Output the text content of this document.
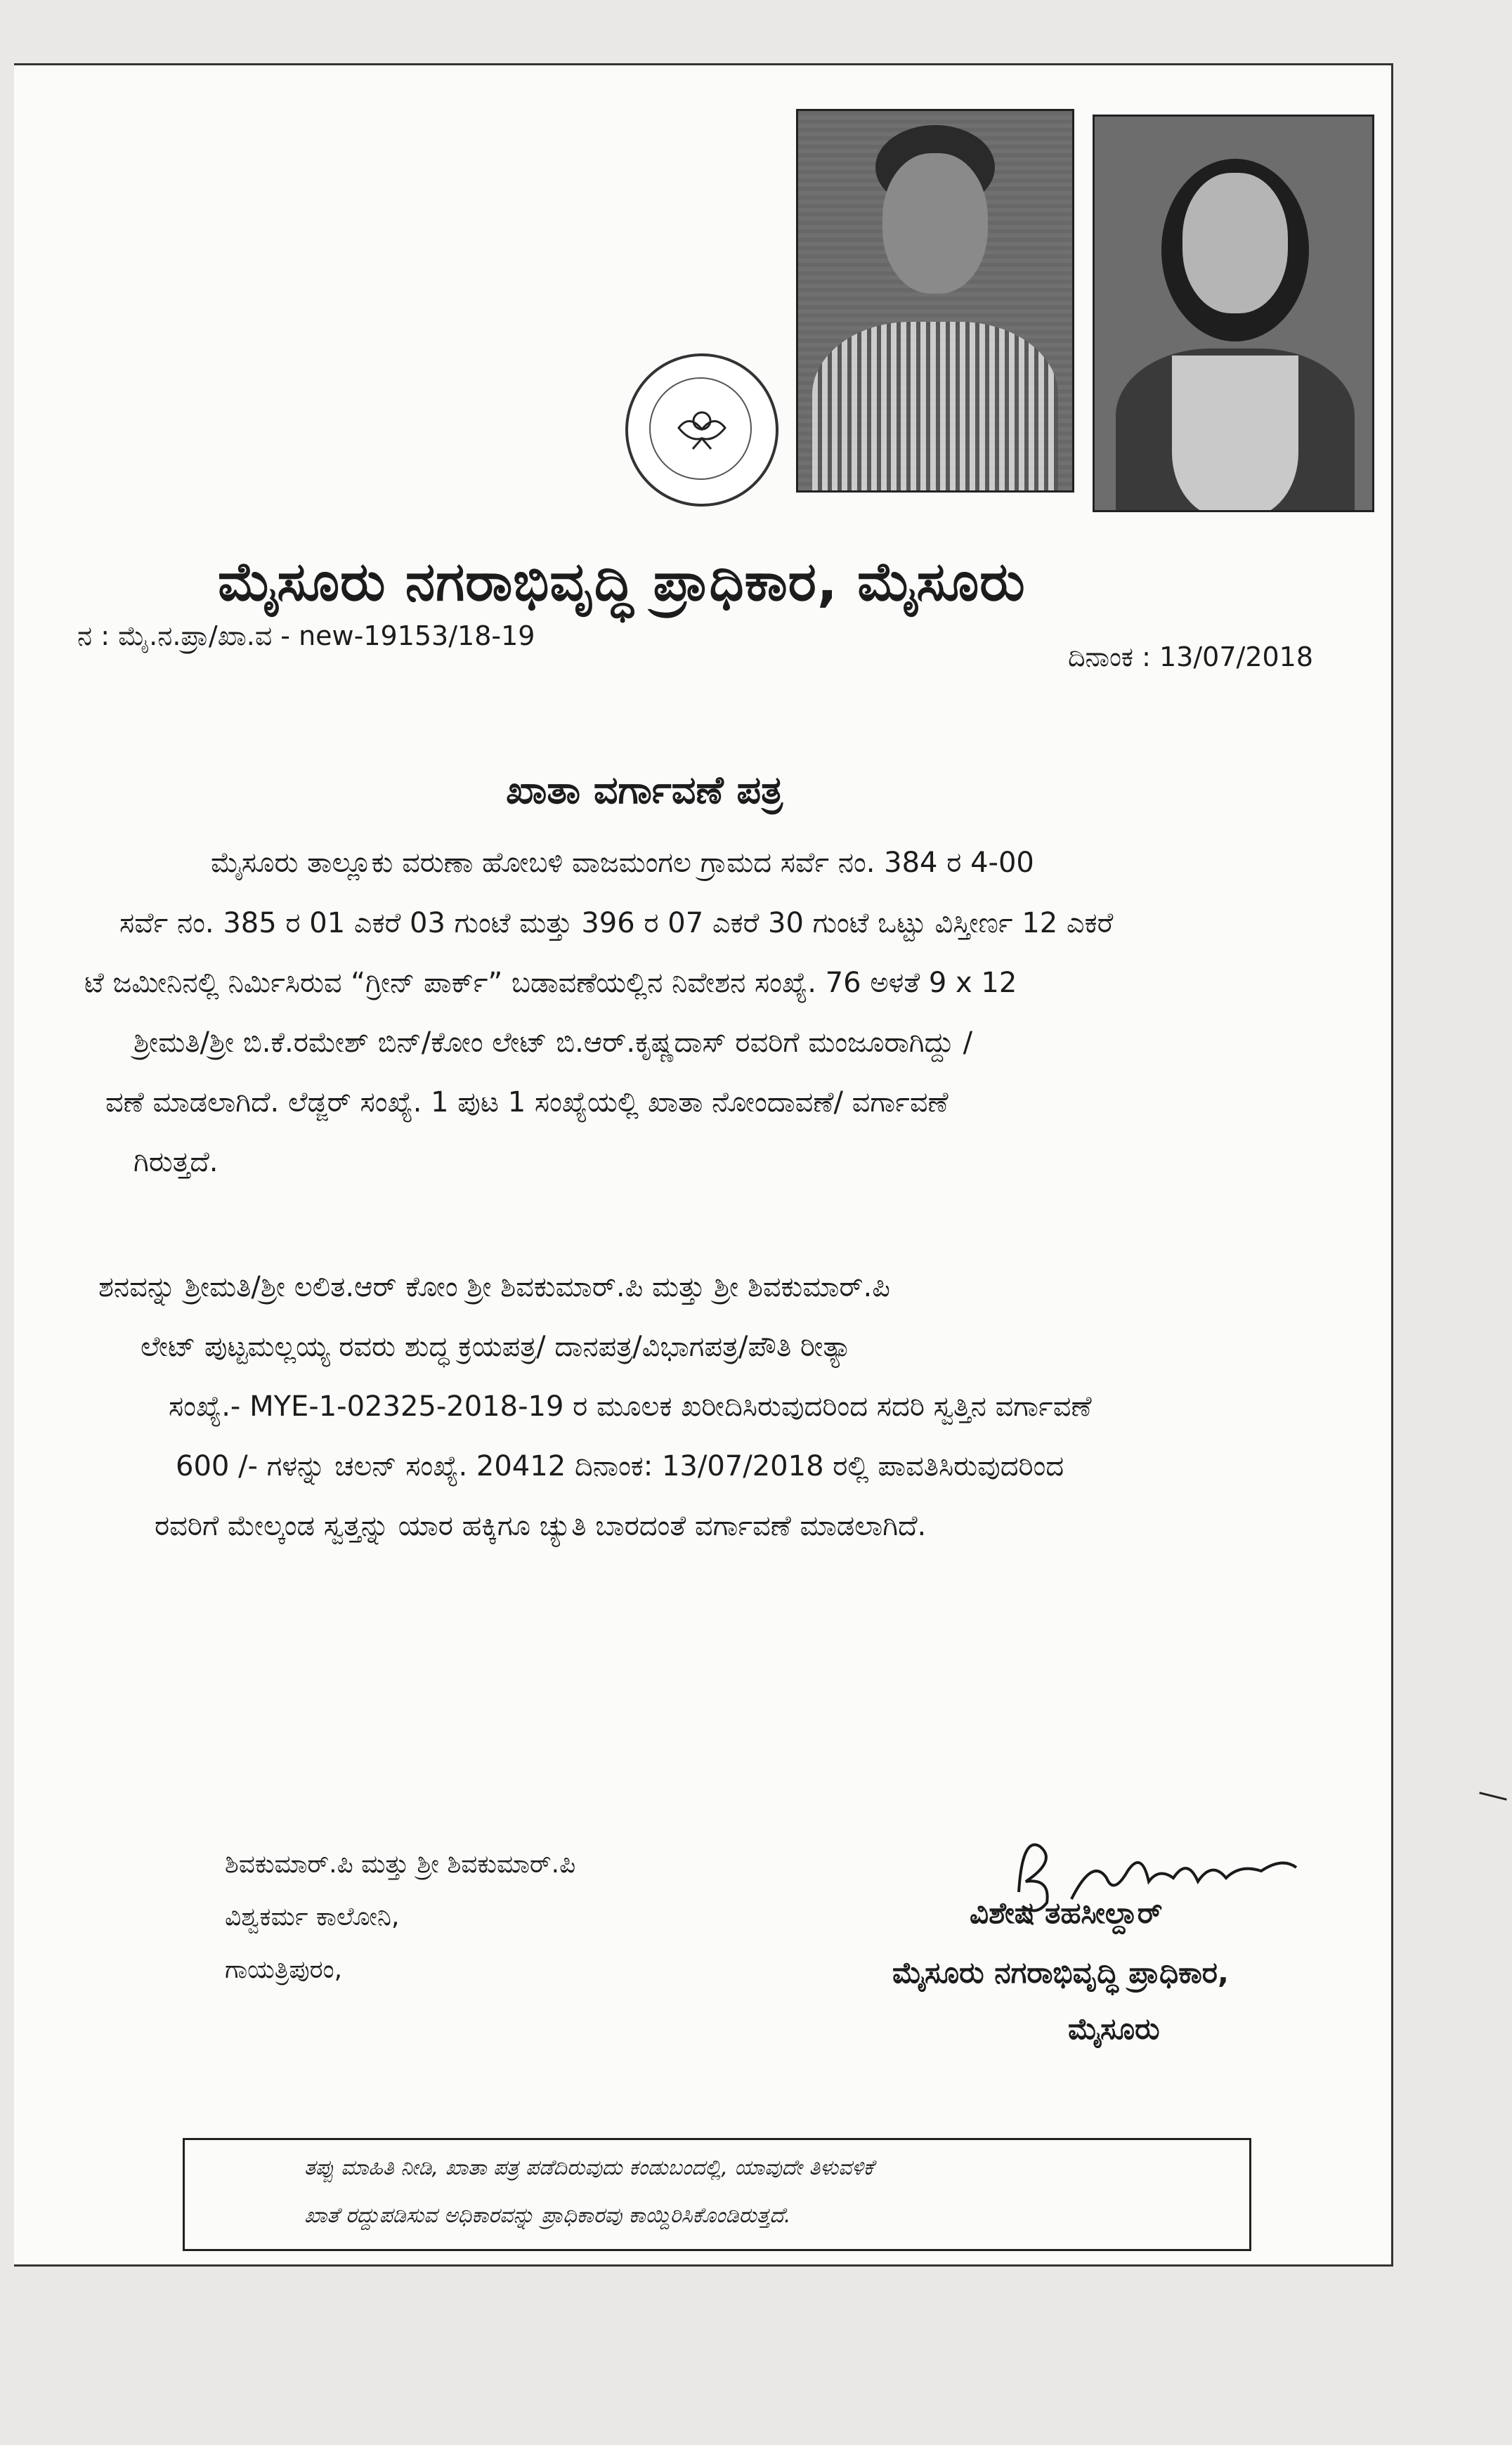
ಮೈಸೂರು ನಗರಾಭಿವೃದ್ಧಿ ಪ್ರಾಧಿಕಾರ, ಮೈಸೂರು
ನ : ಮೈ.ನ.ಪ್ರಾ/ಖಾ.ವ - new-19153/18-19
ದಿನಾಂಕ : 13/07/2018
ಖಾತಾ ವರ್ಗಾವಣೆ ಪತ್ರ
ಮೈಸೂರು ತಾಲ್ಲೂಕು ವರುಣಾ ಹೋಬಳಿ ವಾಜಮಂಗಲ ಗ್ರಾಮದ ಸರ್ವೆ ನಂ. 384 ರ 4-00
ಸರ್ವೆ ನಂ. 385 ರ 01 ಎಕರೆ 03 ಗುಂಟೆ ಮತ್ತು 396 ರ 07 ಎಕರೆ 30 ಗುಂಟೆ ಒಟ್ಟು ವಿಸ್ತೀರ್ಣ 12 ಎಕರೆ
ಟೆ ಜಮೀನಿನಲ್ಲಿ ನಿರ್ಮಿಸಿರುವ “ಗ್ರೀನ್ ಪಾರ್ಕ್” ಬಡಾವಣೆಯಲ್ಲಿನ ನಿವೇಶನ ಸಂಖ್ಯೆ. 76 ಅಳತೆ 9 x 12
ಶ್ರೀಮತಿ/ಶ್ರೀ ಬಿ.ಕೆ.ರಮೇಶ್ ಬಿನ್/ಕೋಂ ಲೇಟ್ ಬಿ.ಆರ್.ಕೃಷ್ಣದಾಸ್ ರವರಿಗೆ ಮಂಜೂರಾಗಿದ್ದು /
ವಣೆ ಮಾಡಲಾಗಿದೆ. ಲೆಡ್ಜರ್ ಸಂಖ್ಯೆ. 1 ಪುಟ 1 ಸಂಖ್ಯೆಯಲ್ಲಿ ಖಾತಾ ನೋಂದಾವಣೆ/ ವರ್ಗಾವಣೆ
ಗಿರುತ್ತದೆ.
ಶನವನ್ನು ಶ್ರೀಮತಿ/ಶ್ರೀ ಲಲಿತ.ಆರ್ ಕೋಂ ಶ್ರೀ ಶಿವಕುಮಾರ್.ಪಿ ಮತ್ತು ಶ್ರೀ ಶಿವಕುಮಾರ್.ಪಿ
ಲೇಟ್ ಪುಟ್ಟಮಲ್ಲಯ್ಯ ರವರು ಶುದ್ಧ ಕ್ರಯಪತ್ರ/ ದಾನಪತ್ರ/ವಿಭಾಗಪತ್ರ/ಪೌತಿ ರೀತ್ಯಾ
ಸಂಖ್ಯೆ.- MYE-1-02325-2018-19 ರ ಮೂಲಕ ಖರೀದಿಸಿರುವುದರಿಂದ ಸದರಿ ಸ್ವತ್ತಿನ ವರ್ಗಾವಣೆ
600 /- ಗಳನ್ನು ಚಲನ್ ಸಂಖ್ಯೆ. 20412 ದಿನಾಂಕ: 13/07/2018 ರಲ್ಲಿ ಪಾವತಿಸಿರುವುದರಿಂದ
ರವರಿಗೆ ಮೇಲ್ಕಂಡ ಸ್ವತ್ತನ್ನು ಯಾರ ಹಕ್ಕಿಗೂ ಚ್ಯುತಿ ಬಾರದಂತೆ ವರ್ಗಾವಣೆ ಮಾಡಲಾಗಿದೆ.
ಶಿವಕುಮಾರ್.ಪಿ ಮತ್ತು ಶ್ರೀ ಶಿವಕುಮಾರ್.ಪಿ
ವಿಶ್ವಕರ್ಮ ಕಾಲೋನಿ,
ಗಾಯತ್ರಿಪುರಂ,
ವಿಶೇಷ ತಹಸೀಲ್ದಾರ್
ಮೈಸೂರು ನಗರಾಭಿವೃದ್ಧಿ ಪ್ರಾಧಿಕಾರ,
ಮೈಸೂರು
ತಪ್ಪು ಮಾಹಿತಿ ನೀಡಿ, ಖಾತಾ ಪತ್ರ ಪಡೆದಿರುವುದು ಕಂಡುಬಂದಲ್ಲಿ, ಯಾವುದೇ ತಿಳುವಳಿಕೆ
ಖಾತೆ ರದ್ದುಪಡಿಸುವ ಅಧಿಕಾರವನ್ನು ಪ್ರಾಧಿಕಾರವು ಕಾಯ್ದಿರಿಸಿಕೊಂಡಿರುತ್ತದೆ.
